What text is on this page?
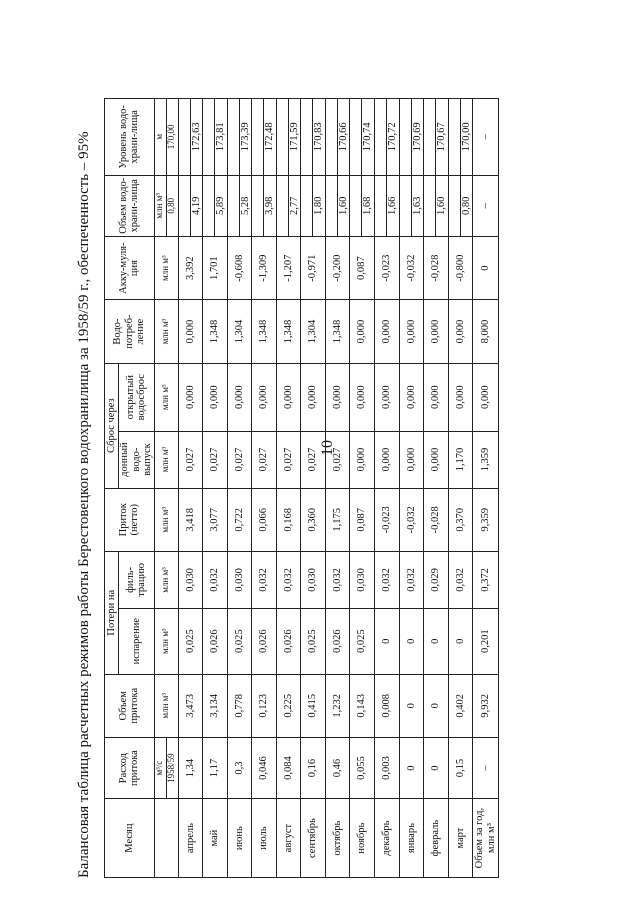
10
Балансовая таблица расчетных режимов работы Берестовецкого водохранилища за 1958/59 г., обеспеченность – 95%	Месяц	Расход притока	Объем притока	Потери на		Приток (нетто)	Сброс через		Водо-потреб-ление	Акку-муля-ция	Объем водо-храни-лища	Уровень водо-храни-лища
			испарение	филь-трацию		донный водо-выпуск	открытый водосброс				
	м³/с	млн м³	млн м³	млн м³	млн м³	млн м³	млн м³	млн м³	млн м³	млн м³	м
	1958/59									0,80	170,00
апрель	1,34	3,473	0,025	0,030	3,418	0,027	0,000	0,000	3,392		
										4,19	172,63
май	1,17	3,134	0,026	0,032	3,077	0,027	0,000	1,348	1,701		
										5,89	173,81
июнь	0,3	0,778	0,025	0,030	0,722	0,027	0,000	1,304	-0,608		
										5,28	173,39
июль	0,046	0,123	0,026	0,032	0,066	0,027	0,000	1,348	-1,309		
										3,98	172,48
август	0,084	0,225	0,026	0,032	0,168	0,027	0,000	1,348	-1,207		
										2,77	171,59
сентябрь	0,16	0,415	0,025	0,030	0,360	0,027	0,000	1,304	-0,971		
										1,80	170,83
октябрь	0,46	1,232	0,026	0,032	1,175	0,027	0,000	1,348	-0,200		
										1,60	170,66
ноябрь	0,055	0,143	0,025	0,030	0,087	0,000	0,000	0,000	0,087		
										1,68	170,74
декабрь	0,003	0,008	0	0,032	-0,023	0,000	0,000	0,000	-0,023		
										1,66	170,72
январь	0	0	0	0,032	-0,032	0,000	0,000	0,000	-0,032		
										1,63	170,69
февраль	0	0	0	0,029	-0,028	0,000	0,000	0,000	-0,028		
										1,60	170,67
март	0,15	0,402	0	0,032	0,370	1,170	0,000	0,000	-0,800		
										0,80	170,00
Объем за год, млн м³	–	9,932	0,201	0,372	9,359	1,359	0,000	8,000	0	–	–
